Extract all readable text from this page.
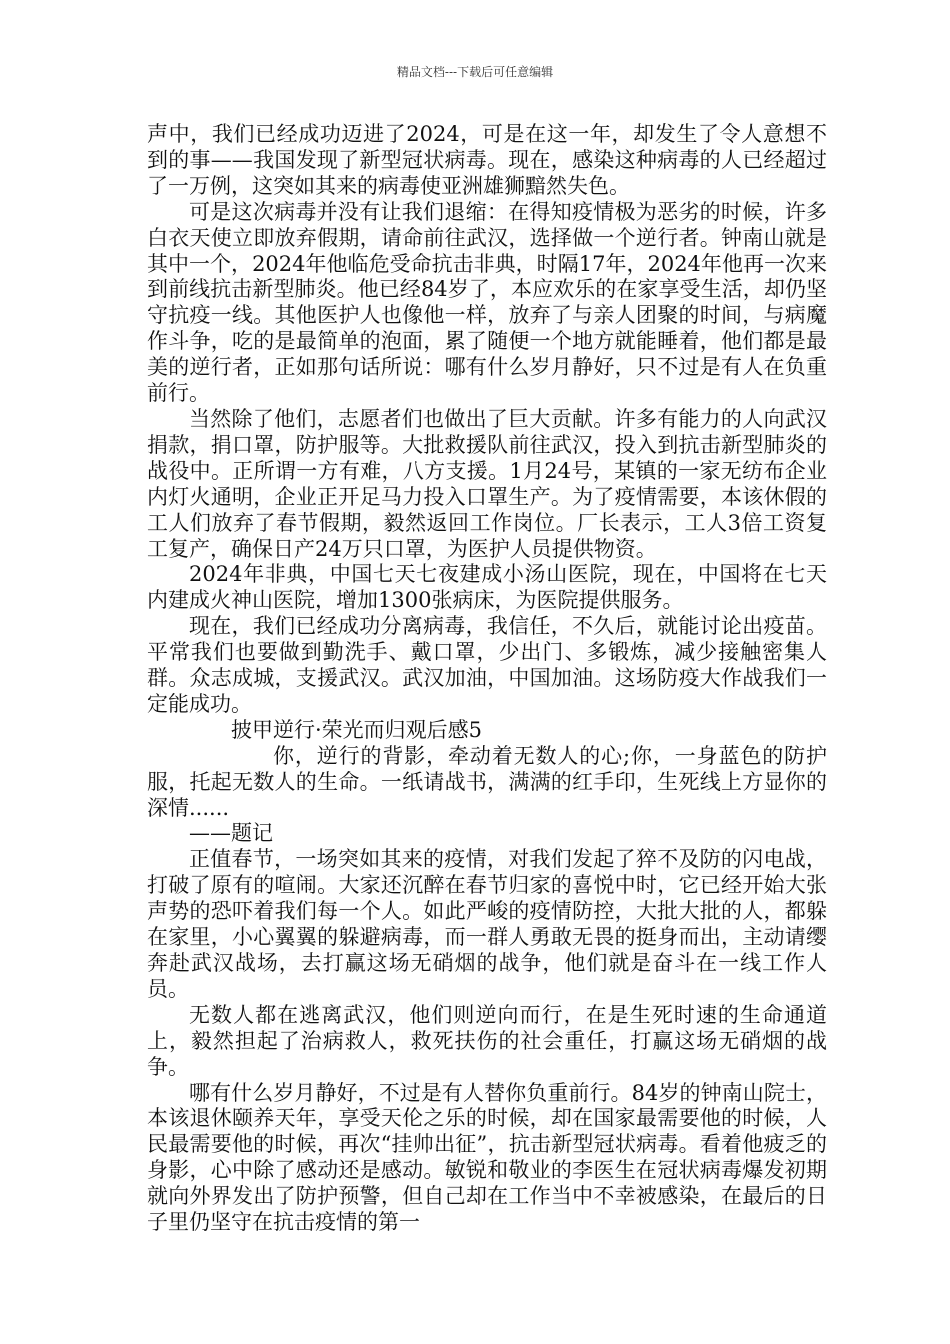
精品文档---下载后可任意编辑

声中，我们已经成功迈进了2024，可是在这一年，却发生了令人意想不到的事——我国发现了新型冠状病毒。现在，感染这种病毒的人已经超过了一万例，这突如其来的病毒使亚洲雄狮黯然失色。

可是这次病毒并没有让我们退缩：在得知疫情极为恶劣的时候，许多白衣天使立即放弃假期，请命前往武汉，选择做一个逆行者。钟南山就是其中一个，2024年他临危受命抗击非典，时隔17年，2024年他再一次来到前线抗击新型肺炎。他已经84岁了，本应欢乐的在家享受生活，却仍坚守抗疫一线。其他医护人也像他一样，放弃了与亲人团聚的时间，与病魔作斗争，吃的是最简单的泡面，累了随便一个地方就能睡着，他们都是最美的逆行者，正如那句话所说：哪有什么岁月静好，只不过是有人在负重前行。

当然除了他们，志愿者们也做出了巨大贡献。许多有能力的人向武汉捐款，捐口罩，防护服等。大批救援队前往武汉，投入到抗击新型肺炎的战役中。正所谓一方有难，八方支援。1月24号，某镇的一家无纺布企业内灯火通明，企业正开足马力投入口罩生产。为了疫情需要，本该休假的工人们放弃了春节假期，毅然返回工作岗位。厂长表示，工人3倍工资复工复产，确保日产24万只口罩，为医护人员提供物资。

2024年非典，中国七天七夜建成小汤山医院，现在，中国将在七天内建成火神山医院，增加1300张病床，为医院提供服务。

现在，我们已经成功分离病毒，我信任，不久后，就能讨论出疫苗。平常我们也要做到勤洗手、戴口罩，少出门、多锻炼，减少接触密集人群。众志成城，支援武汉。武汉加油，中国加油。这场防疫大作战我们一定能成功。

披甲逆行·荣光而归观后感5

你，逆行的背影，牵动着无数人的心;你，一身蓝色的防护服，托起无数人的生命。一纸请战书，满满的红手印，生死线上方显你的深情......

——题记

正值春节，一场突如其来的疫情，对我们发起了猝不及防的闪电战，打破了原有的喧闹。大家还沉醉在春节归家的喜悦中时，它已经开始大张声势的恐吓着我们每一个人。如此严峻的疫情防控，大批大批的人，都躲在家里，小心翼翼的躲避病毒，而一群人勇敢无畏的挺身而出，主动请缨奔赴武汉战场，去打赢这场无硝烟的战争，他们就是奋斗在一线工作人员。

无数人都在逃离武汉，他们则逆向而行，在是生死时速的生命通道上，毅然担起了治病救人，救死扶伤的社会重任，打赢这场无硝烟的战争。

哪有什么岁月静好，不过是有人替你负重前行。84岁的钟南山院士，本该退休颐养天年，享受天伦之乐的时候，却在国家最需要他的时候，人民最需要他的时候，再次“挂帅出征”，抗击新型冠状病毒。看着他疲乏的身影，心中除了感动还是感动。敏锐和敬业的李医生在冠状病毒爆发初期就向外界发出了防护预警，但自己却在工作当中不幸被感染，在最后的日子里仍坚守在抗击疫情的第一
